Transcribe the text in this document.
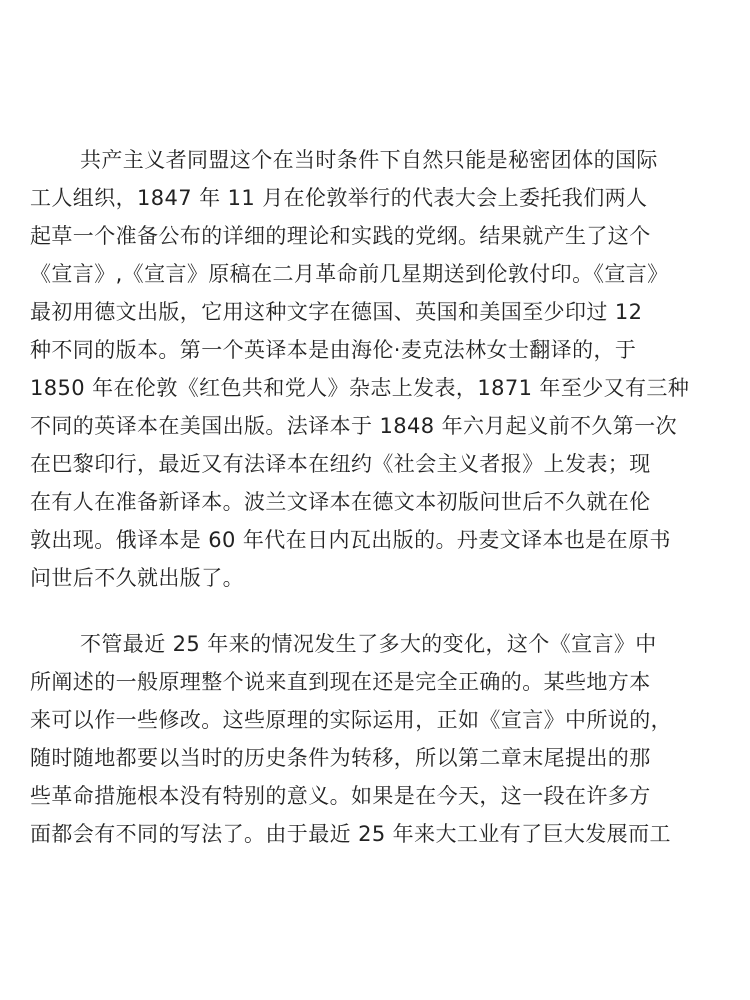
共产主义者同盟这个在当时条件下自然只能是秘密团体的国际
工人组织，1847 年 11 月在伦敦举行的代表大会上委托我们两人
起草一个准备公布的详细的理论和实践的党纲。结果就产生了这个
《宣言》,《宣言》原稿在二月革命前几星期送到伦敦付印。《宣言》
最初用德文出版，它用这种文字在德国、英国和美国至少印过 12
种不同的版本。第一个英译本是由海伦·麦克法林女士翻译的，于
1850 年在伦敦《红色共和党人》杂志上发表，1871 年至少又有三种
不同的英译本在美国出版。法译本于 1848 年六月起义前不久第一次
在巴黎印行，最近又有法译本在纽约《社会主义者报》上发表；现
在有人在准备新译本。波兰文译本在德文本初版问世后不久就在伦
敦出现。俄译本是 60 年代在日内瓦出版的。丹麦文译本也是在原书
问世后不久就出版了。
不管最近 25 年来的情况发生了多大的变化，这个《宣言》中
所阐述的一般原理整个说来直到现在还是完全正确的。某些地方本
来可以作一些修改。这些原理的实际运用，正如《宣言》中所说的，
随时随地都要以当时的历史条件为转移，所以第二章末尾提出的那
些革命措施根本没有特别的意义。如果是在今天，这一段在许多方
面都会有不同的写法了。由于最近 25 年来大工业有了巨大发展而工
